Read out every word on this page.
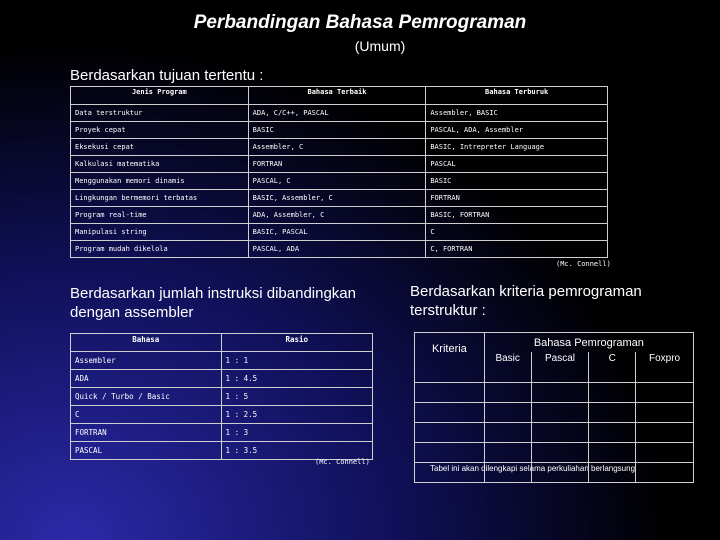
Perbandingan Bahasa Pemrograman
(Umum)
Berdasarkan tujuan tertentu :
Jenis Program	Bahasa Terbaik	Bahasa Terburuk
Data terstruktur	ADA, C/C++, PASCAL	Assembler, BASIC
Proyek cepat	BASIC	PASCAL, ADA, Assembler
Eksekusi cepat	Assembler, C	BASIC, Intrepreter Language
Kalkulasi matematika	FORTRAN	PASCAL
Menggunakan memori dinamis	PASCAL, C	BASIC
Lingkungan bermemori terbatas	BASIC, Assembler, C	FORTRAN
Program real-time	ADA, Assembler, C	BASIC, FORTRAN
Manipulasi string	BASIC, PASCAL	C
Program mudah dikelola	PASCAL, ADA	C, FORTRAN
(Mc. Connell)
Berdasarkan jumlah instruksi dibandingkan
dengan assembler
Bahasa	Rasio
Assembler	1 : 1
ADA	1 : 4.5
Quick / Turbo / Basic	1 : 5
C	1 : 2.5
FORTRAN	1 : 3
PASCAL	1 : 3.5
(Mc. Connell)
Berdasarkan kriteria pemrograman
terstruktur :
Kriteria	Bahasa Pemrograman			
	Basic	Pascal	C	Foxpro

Tabel ini akan dilengkapi selama perkuliahan berlangsung
